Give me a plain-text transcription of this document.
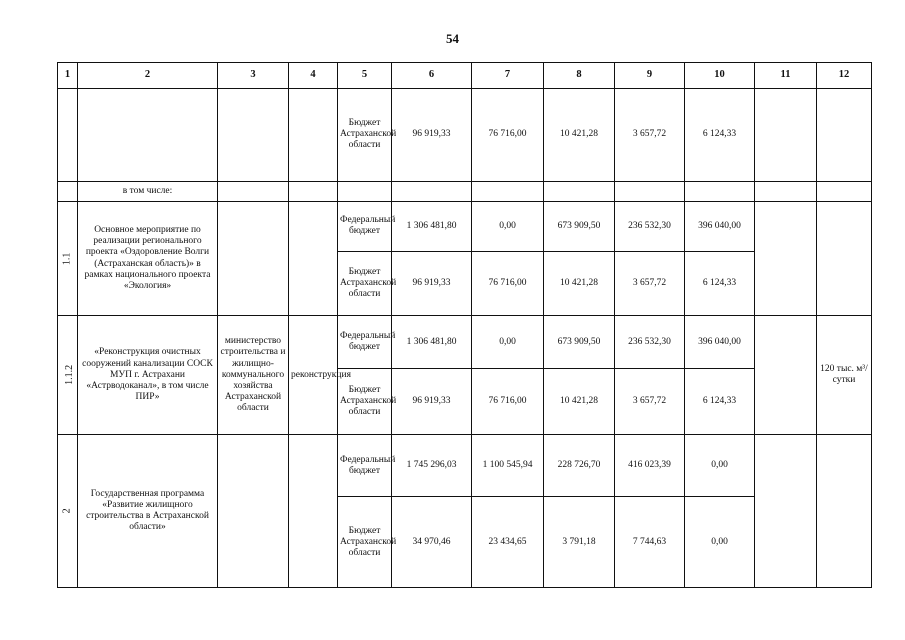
54
1	2	3	4	5	6	7	8	9	10	11	12
				Бюджет Астраханской области	96 919,33	76 716,00	10 421,28	3 657,72	6 124,33		
	в том числе:										
1.1	Основное мероприятие по реализации регионального проекта «Оздоровление Волги (Астраханская область)» в рамках национального проекта «Экология»			Федеральный бюджет	1 306 481,80	0,00	673 909,50	236 532,30	396 040,00		
				Бюджет Астраханской области	96 919,33	76 716,00	10 421,28	3 657,72	6 124,33		
1.1.2	«Реконструкция очистных сооружений канализации СОСК МУП г. Астрахани «Астрводоканал», в том числе ПИР»	министерство строительства и жилищно-коммунального хозяйства Астраханской области	реконструкция	Федеральный бюджет	1 306 481,80	0,00	673 909,50	236 532,30	396 040,00		120 тыс. м³/сутки
				Бюджет Астраханской области	96 919,33	76 716,00	10 421,28	3 657,72	6 124,33		
2	Государственная программа «Развитие жилищного строительства в Астраханской области»			Федеральный бюджет	1 745 296,03	1 100 545,94	228 726,70	416 023,39	0,00		
				Бюджет Астраханской области	34 970,46	23 434,65	3 791,18	7 744,63	0,00		
